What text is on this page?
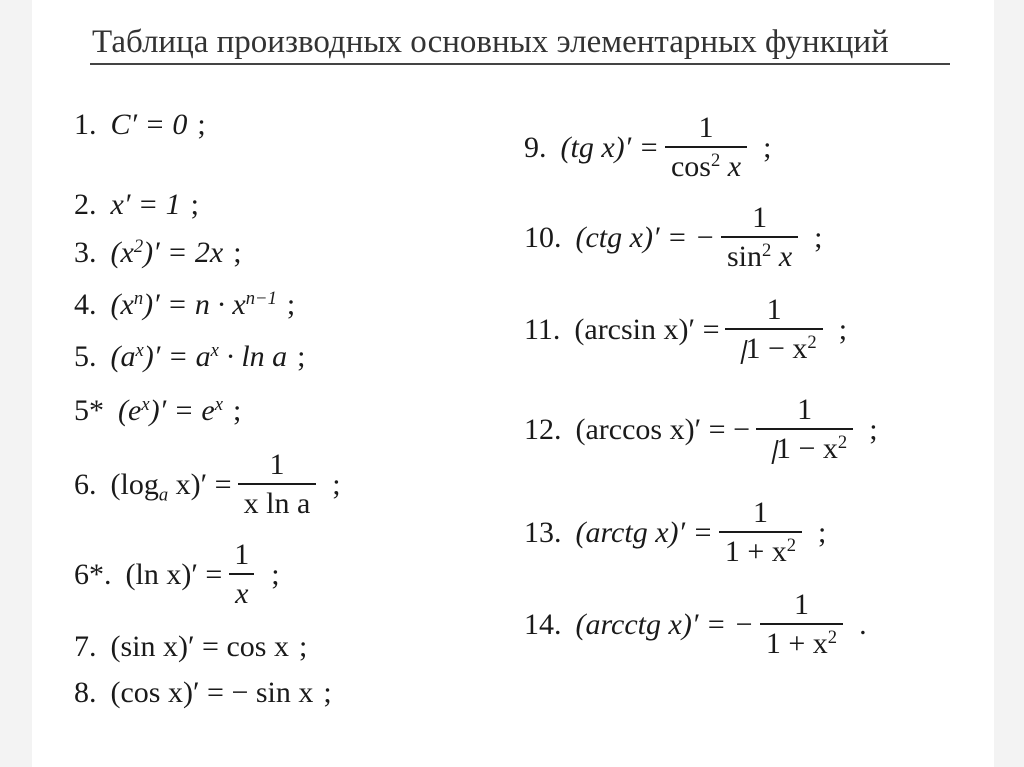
Таблица производных основных элементарных функций
1. C′ = 0 ;
2. x′ = 1 ;
3. $(x^2)' = 2x$ ;
4. $(x^n)' = n \cdot x^{n-1}$ ;
5. $(a^x)' = a^x \cdot \ln a$ ;
5* $(e^x)' = e^x$ ;
6. ($\log_a$ $x)' = \frac{1}{\text{x ln a}}$ ;
6*. (ln $x)' = \frac{1}{x}$ ;
7. (sin x)′ = cos x ;
8. (cos x)′ = − sin x ;
9. (tg $x)' = \frac{1}{\cos^2 x}$ ;
10. (ctg x)′ = − $\frac{1}{\sin^2 x}$ ;
11. (arcsin $x)' = \frac{1}{1 - x^2}$ ;
12. (arccos x)′ = − $\frac{1}{1 - x^2}$ ;
13. (arctg $x)' = \frac{1}{1 + x^2}$ ;
14. (arcctg x)′ = − $\frac{1}{1 + x^2}$ .
